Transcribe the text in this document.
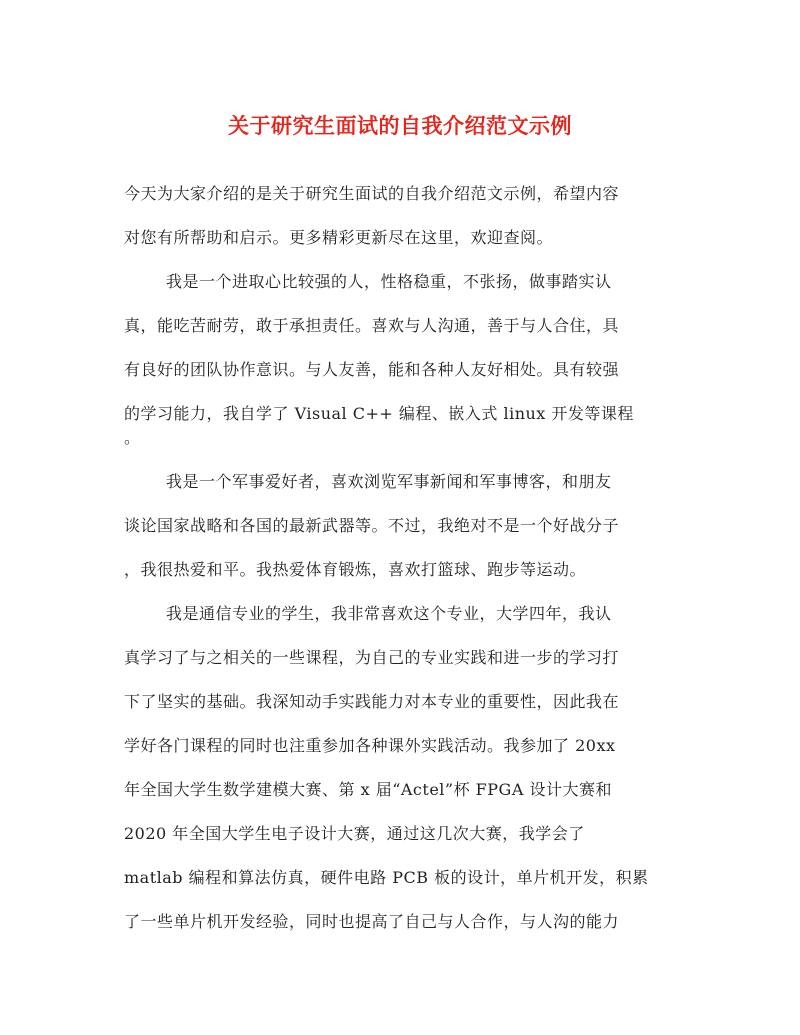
关于研究生面试的自我介绍范文示例
今天为大家介绍的是关于研究生面试的自我介绍范文示例，希望内容
对您有所帮助和启示。更多精彩更新尽在这里，欢迎查阅。
我是一个进取心比较强的人，性格稳重，不张扬，做事踏实认
真，能吃苦耐劳，敢于承担责任。喜欢与人沟通，善于与人合住，具
有良好的团队协作意识。与人友善，能和各种人友好相处。具有较强
的学习能力，我自学了 Visual C++ 编程、嵌入式 linux 开发等课程
。
我是一个军事爱好者，喜欢浏览军事新闻和军事博客，和朋友
谈论国家战略和各国的最新武器等。不过，我绝对不是一个好战分子
，我很热爱和平。我热爱体育锻炼，喜欢打篮球、跑步等运动。
我是通信专业的学生，我非常喜欢这个专业，大学四年，我认
真学习了与之相关的一些课程，为自己的专业实践和进一步的学习打
下了坚实的基础。我深知动手实践能力对本专业的重要性，因此我在
学好各门课程的同时也注重参加各种课外实践活动。我参加了 20xx
年全国大学生数学建模大赛、第 x 届“Actel”杯 FPGA 设计大赛和
2020 年全国大学生电子设计大赛，通过这几次大赛，我学会了
matlab 编程和算法仿真，硬件电路 PCB 板的设计，单片机开发，积累
了一些单片机开发经验，同时也提高了自己与人合作，与人沟的能力
